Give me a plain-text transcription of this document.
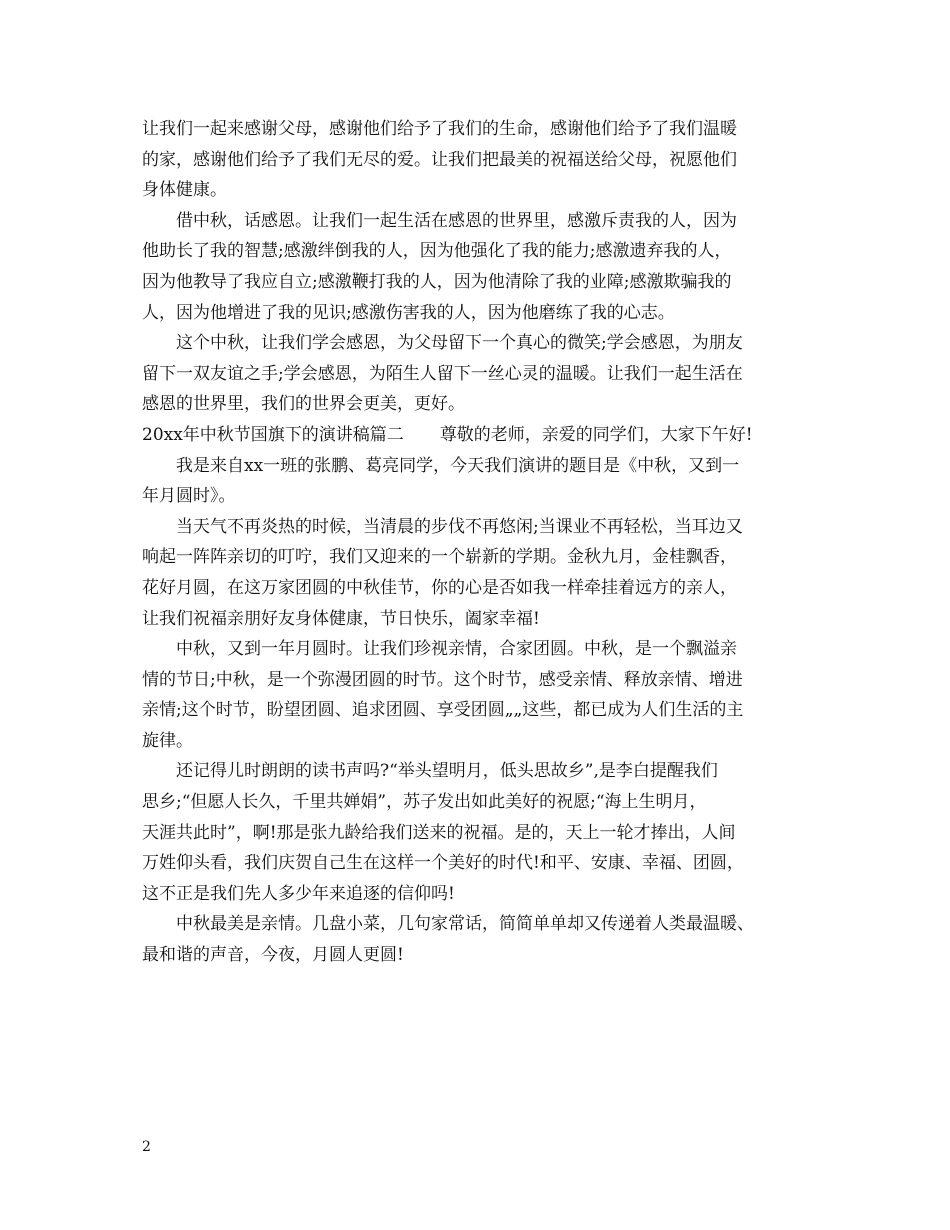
让我们一起来感谢父母，感谢他们给予了我们的生命，感谢他们给予了我们温暖
的家，感谢他们给予了我们无尽的爱。让我们把最美的祝福送给父母，祝愿他们
身体健康。
借中秋，话感恩。让我们一起生活在感恩的世界里，感激斥责我的人，因为
他助长了我的智慧;感激绊倒我的人，因为他强化了我的能力;感激遗弃我的人，
因为他教导了我应自立;感激鞭打我的人，因为他清除了我的业障;感激欺骗我的
人，因为他增进了我的见识;感激伤害我的人，因为他磨练了我的心志。
这个中秋，让我们学会感恩，为父母留下一个真心的微笑;学会感恩，为朋友
留下一双友谊之手;学会感恩，为陌生人留下一丝心灵的温暖。让我们一起生活在
感恩的世界里，我们的世界会更美，更好。
20xx年中秋节国旗下的演讲稿篇二 尊敬的老师，亲爱的同学们，大家下午好!
我是来自xx一班的张鹏、葛亮同学，今天我们演讲的题目是《中秋，又到一
年月圆时》。
当天气不再炎热的时候，当清晨的步伐不再悠闲;当课业不再轻松，当耳边又
响起一阵阵亲切的叮咛，我们又迎来的一个崭新的学期。金秋九月，金桂飘香，
花好月圆，在这万家团圆的中秋佳节，你的心是否如我一样牵挂着远方的亲人，
让我们祝福亲朋好友身体健康，节日快乐，阖家幸福!
中秋，又到一年月圆时。让我们珍视亲情，合家团圆。中秋，是一个飘溢亲
情的节日;中秋，是一个弥漫团圆的时节。这个时节，感受亲情、释放亲情、增进
亲情;这个时节，盼望团圆、追求团圆、享受团圆„„这些，都已成为人们生活的主
旋律。
还记得儿时朗朗的读书声吗?“举头望明月，低头思故乡”,是李白提醒我们
思乡;“但愿人长久，千里共婵娟”，苏子发出如此美好的祝愿;“海上生明月，
天涯共此时”，啊!那是张九龄给我们送来的祝福。是的，天上一轮才捧出，人间
万姓仰头看，我们庆贺自己生在这样一个美好的时代!和平、安康、幸福、团圆，
这不正是我们先人多少年来追逐的信仰吗!
中秋最美是亲情。几盘小菜，几句家常话，简简单单却又传递着人类最温暖、
最和谐的声音，今夜，月圆人更圆!
2
